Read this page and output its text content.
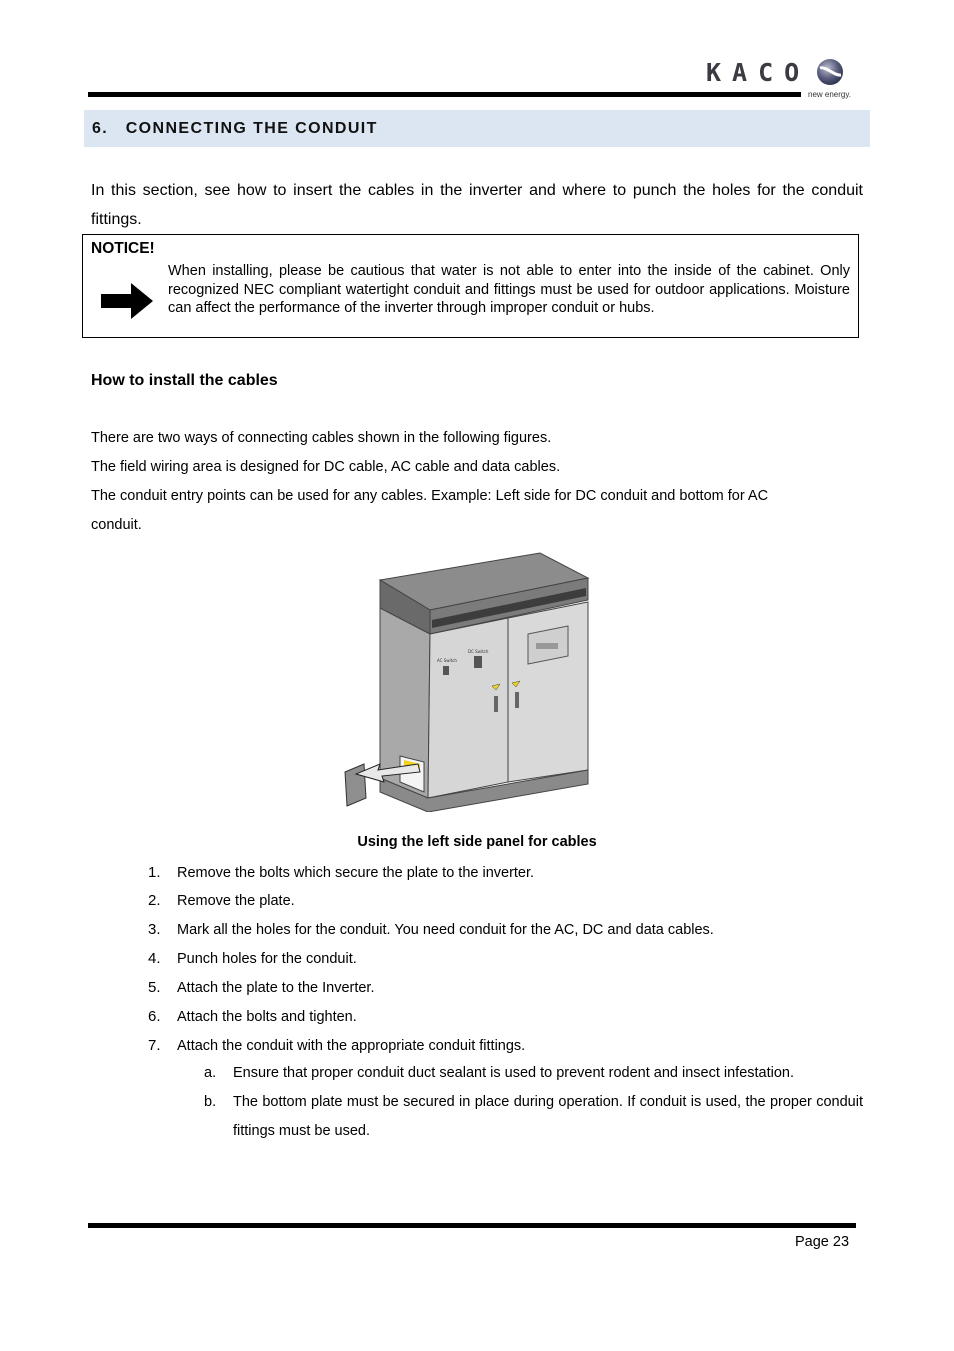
KACO
new energy.
6. CONNECTING THE CONDUIT
In this section, see how to insert the cables in the inverter and where to punch the holes for the conduit fittings.
NOTICE!
When installing, please be cautious that water is not able to enter into the inside of the cabinet. Only recognized NEC compliant watertight conduit and fittings must be used for outdoor applications. Moisture can affect the performance of the inverter through improper conduit or hubs.
How to install the cables
There are two ways of connecting cables shown in the following figures.
The field wiring area is designed for DC cable, AC cable and data cables.
The conduit entry points can be used for any cables. Example: Left side for DC conduit and bottom for AC
conduit.
AC Switch
DC Switch
Using the left side panel for cables
1. Remove the bolts which secure the plate to the inverter.
2. Remove the plate.
3. Mark all the holes for the conduit. You need conduit for the AC, DC and data cables.
4. Punch holes for the conduit.
5. Attach the plate to the Inverter.
6. Attach the bolts and tighten.
7. Attach the conduit with the appropriate conduit fittings.
a. Ensure that proper conduit duct sealant is used to prevent rodent and insect infestation.
b. The bottom plate must be secured in place during operation. If conduit is used, the proper conduit fittings must be used.
Page 23
